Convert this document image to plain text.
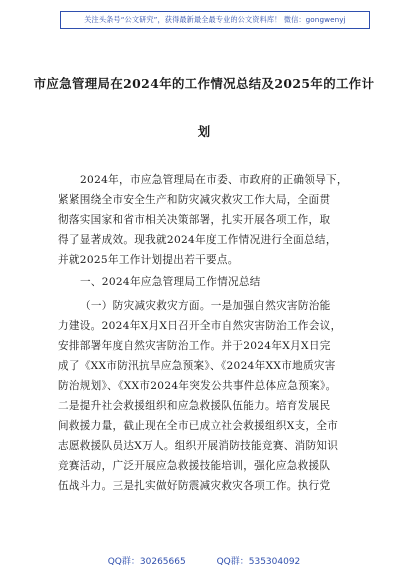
关注头条号“公文研究”，获得最新最全最专业的公文资料库！ 微信：gongwenyj
市应急管理局在2024年的工作情况总结及2025年的工作计
划
2024年，市应急管理局在市委、市政府的正确领导下，
紧紧围绕全市安全生产和防灾减灾救灾工作大局，全面贯
彻落实国家和省市相关决策部署，扎实开展各项工作，取
得了显著成效。现我就2024年度工作情况进行全面总结，
并就2025年工作计划提出若干要点。
一、2024年应急管理局工作情况总结
（一）防灾减灾救灾方面。一是加强自然灾害防治能
力建设。2024年X月X日召开全市自然灾害防治工作会议，
安排部署年度自然灾害防治工作。并于2024年X月X日完
成了《XX市防汛抗旱应急预案》、《2024年XX市地质灾害
防治规划》、《XX市2024年突发公共事件总体应急预案》。
二是提升社会救援组织和应急救援队伍能力。培育发展民
间救援力量，截止现在全市已成立社会救援组织X支，全市
志愿救援队员达X万人。组织开展消防技能竞赛、消防知识
竞赛活动，广泛开展应急救援技能培训，强化应急救援队
伍战斗力。三是扎实做好防震减灾救灾各项工作。执行党
QQ群：30265665	QQ群：535304092
